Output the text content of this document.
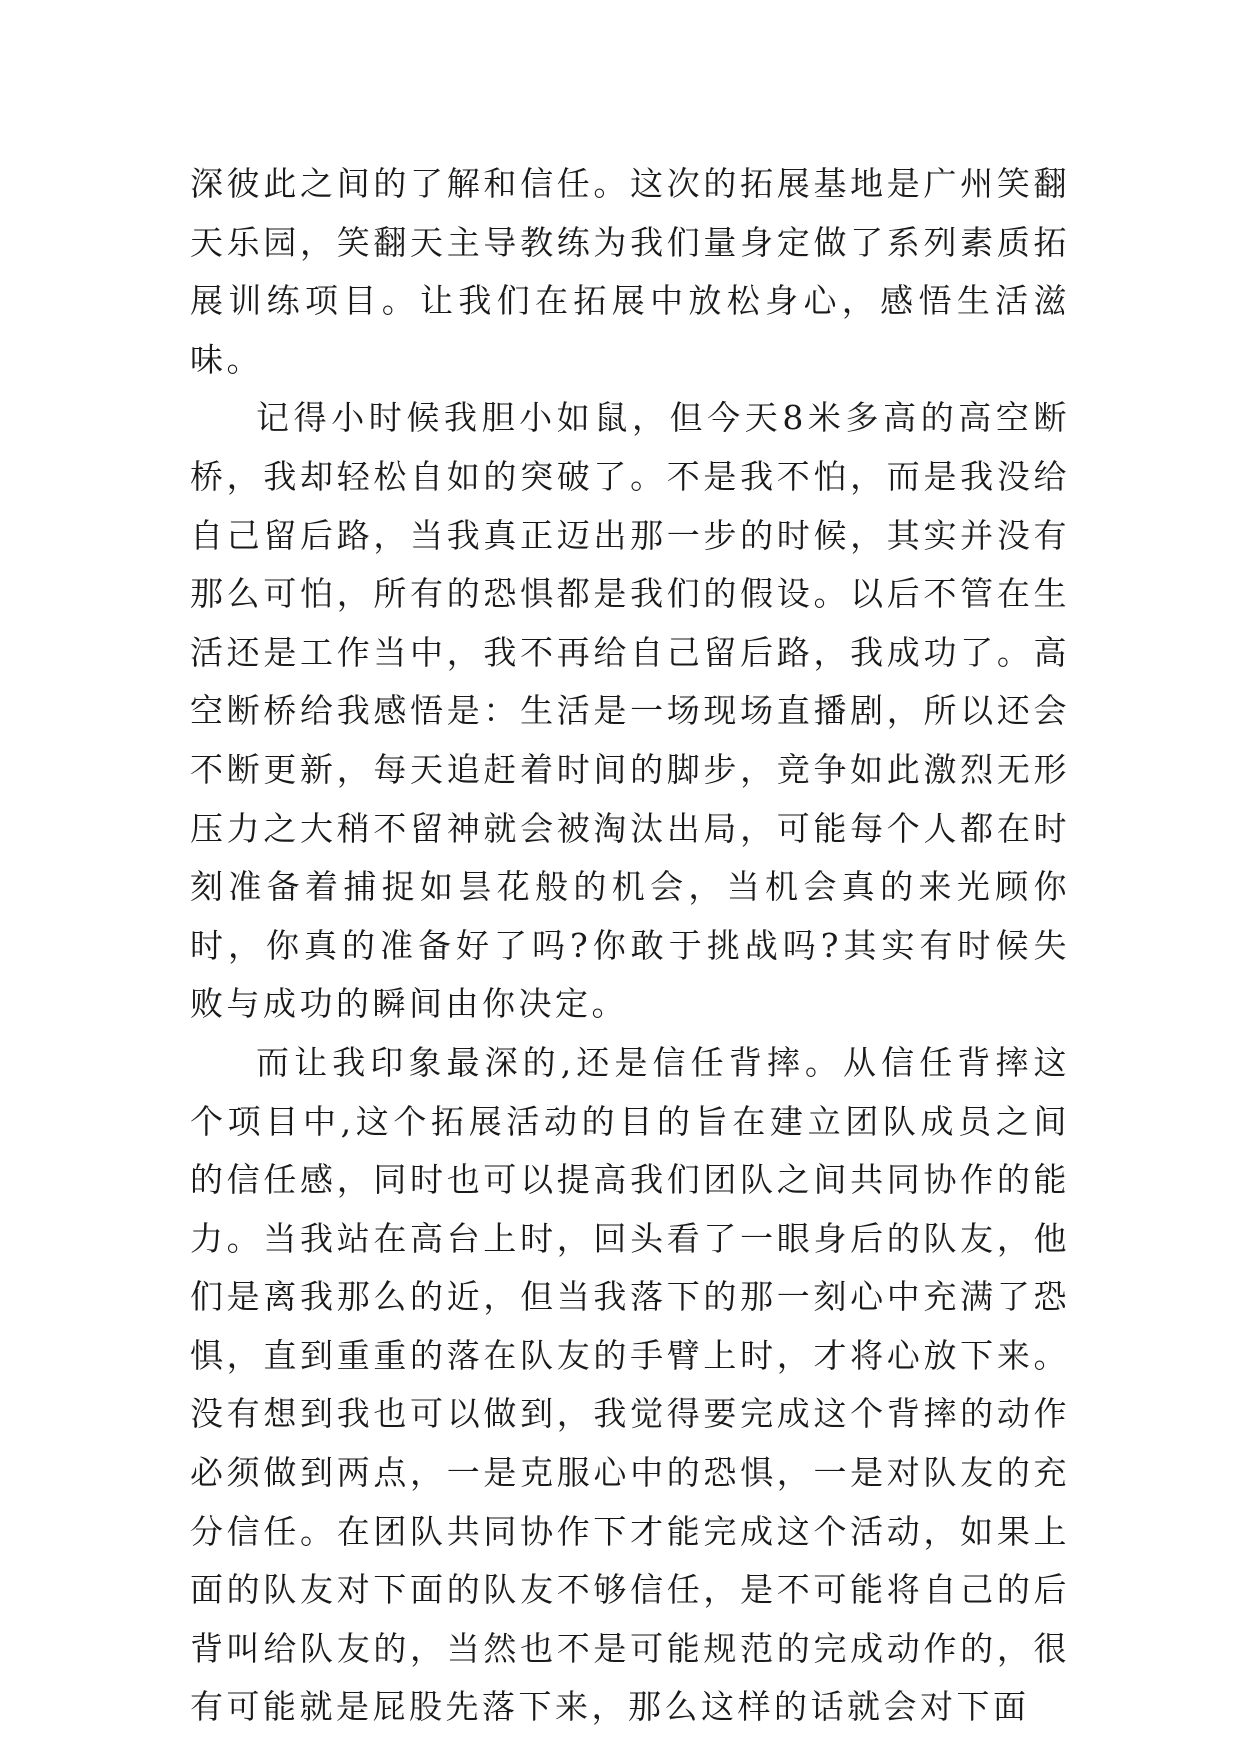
深彼此之间的了解和信任。这次的拓展基地是广州笑翻天乐园，笑翻天主导教练为我们量身定做了系列素质拓展训练项目。让我们在拓展中放松身心，感悟生活滋味。

记得小时候我胆小如鼠，但今天8米多高的高空断桥，我却轻松自如的突破了。不是我不怕，而是我没给自己留后路，当我真正迈出那一步的时候，其实并没有那么可怕，所有的恐惧都是我们的假设。以后不管在生活还是工作当中，我不再给自己留后路，我成功了。高空断桥给我感悟是：生活是一场现场直播剧，所以还会不断更新，每天追赶着时间的脚步，竞争如此激烈无形压力之大稍不留神就会被淘汰出局，可能每个人都在时刻准备着捕捉如昙花般的机会，当机会真的来光顾你时，你真的准备好了吗?你敢于挑战吗?其实有时候失败与成功的瞬间由你决定。

而让我印象最深的,还是信任背摔。从信任背摔这个项目中,这个拓展活动的目的旨在建立团队成员之间的信任感，同时也可以提高我们团队之间共同协作的能力。当我站在高台上时，回头看了一眼身后的队友，他们是离我那么的近，但当我落下的那一刻心中充满了恐惧，直到重重的落在队友的手臂上时，才将心放下来。没有想到我也可以做到，我觉得要完成这个背摔的动作必须做到两点，一是克服心中的恐惧，一是对队友的充分信任。在团队共同协作下才能完成这个活动，如果上面的队友对下面的队友不够信任，是不可能将自己的后背叫给队友的，当然也不是可能规范的完成动作的，很有可能就是屁股先落下来，那么这样的话就会对下面
